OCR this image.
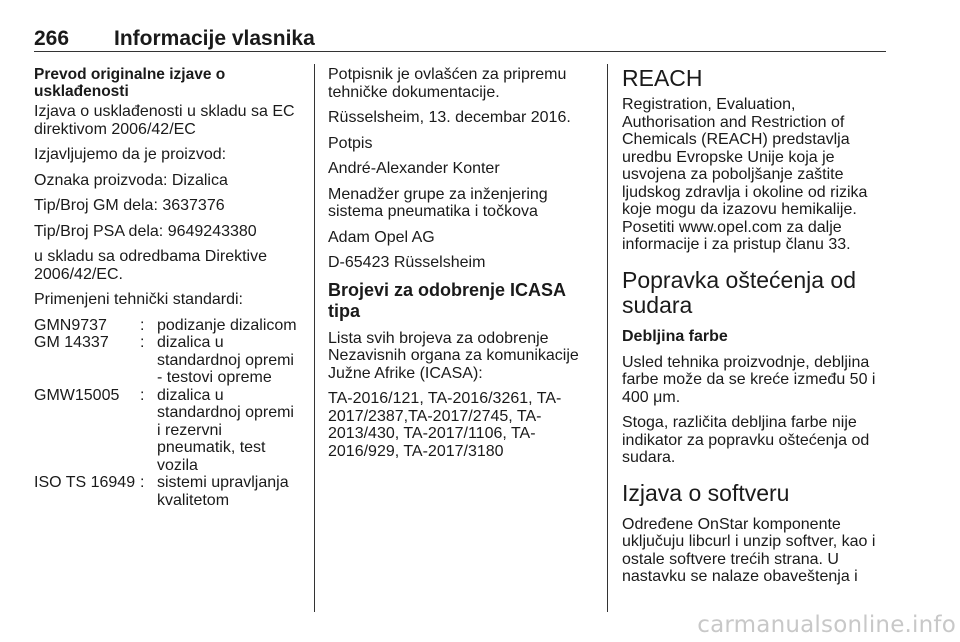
266 Informacije vlasnika
Prevod originalne izjave o usklađenosti

Izjava o usklađenosti u skladu sa EC direktivom 2006/42/EC

Izjavljujemo da je proizvod:

Oznaka proizvoda: Dizalica

Tip/Broj GM dela: 3637376

Tip/Broj PSA dela: 9649243380

u skladu sa odredbama Direktive 2006/42/EC.

Primenjeni tehnički standardi:

GMN9737	: podizanje dizalicom
GM 14337	: dizalica u standardnoj opremi - testovi opreme
GMW15005	: dizalica u standardnoj opremi i rezervni pneumatik, test vozila
ISO TS 16949 : sistemi upravljanja kvalitetom

Potpisnik je ovlašćen za pripremu tehničke dokumentacije.

Rüsselsheim, 13. decembar 2016.

Potpis

André-Alexander Konter

Menadžer grupe za inženjering sistema pneumatika i točkova

Adam Opel AG

D-65423 Rüsselsheim

Brojevi za odobrenje ICASA tipa

Lista svih brojeva za odobrenje Nezavisnih organa za komunikacije Južne Afrike (ICASA):

TA-2016/121, TA-2016/3261, TA-2017/2387,TA-2017/2745, TA-2013/430, TA-2017/1106, TA-2016/929, TA-2017/3180

REACH

Registration, Evaluation, Authorisation and Restriction of Chemicals (REACH) predstavlja uredbu Evropske Unije koja je usvojena za poboljšanje zaštite ljudskog zdravlja i okoline od rizika koje mogu da izazovu hemikalije. Posetiti www.opel.com za dalje informacije i za pristup članu 33.

Popravka oštećenja od sudara
Debljina farbe

Usled tehnika proizvodnje, debljina farbe može da se kreće između 50 i 400 μm.

Stoga, različita debljina farbe nije indikator za popravku oštećenja od sudara.

Izjava o softveru

Određene OnStar komponente uključuju libcurl i unzip softver, kao i ostale softvere trećih strana. U nastavku se nalaze obaveštenja i

carmanualsonline.info
